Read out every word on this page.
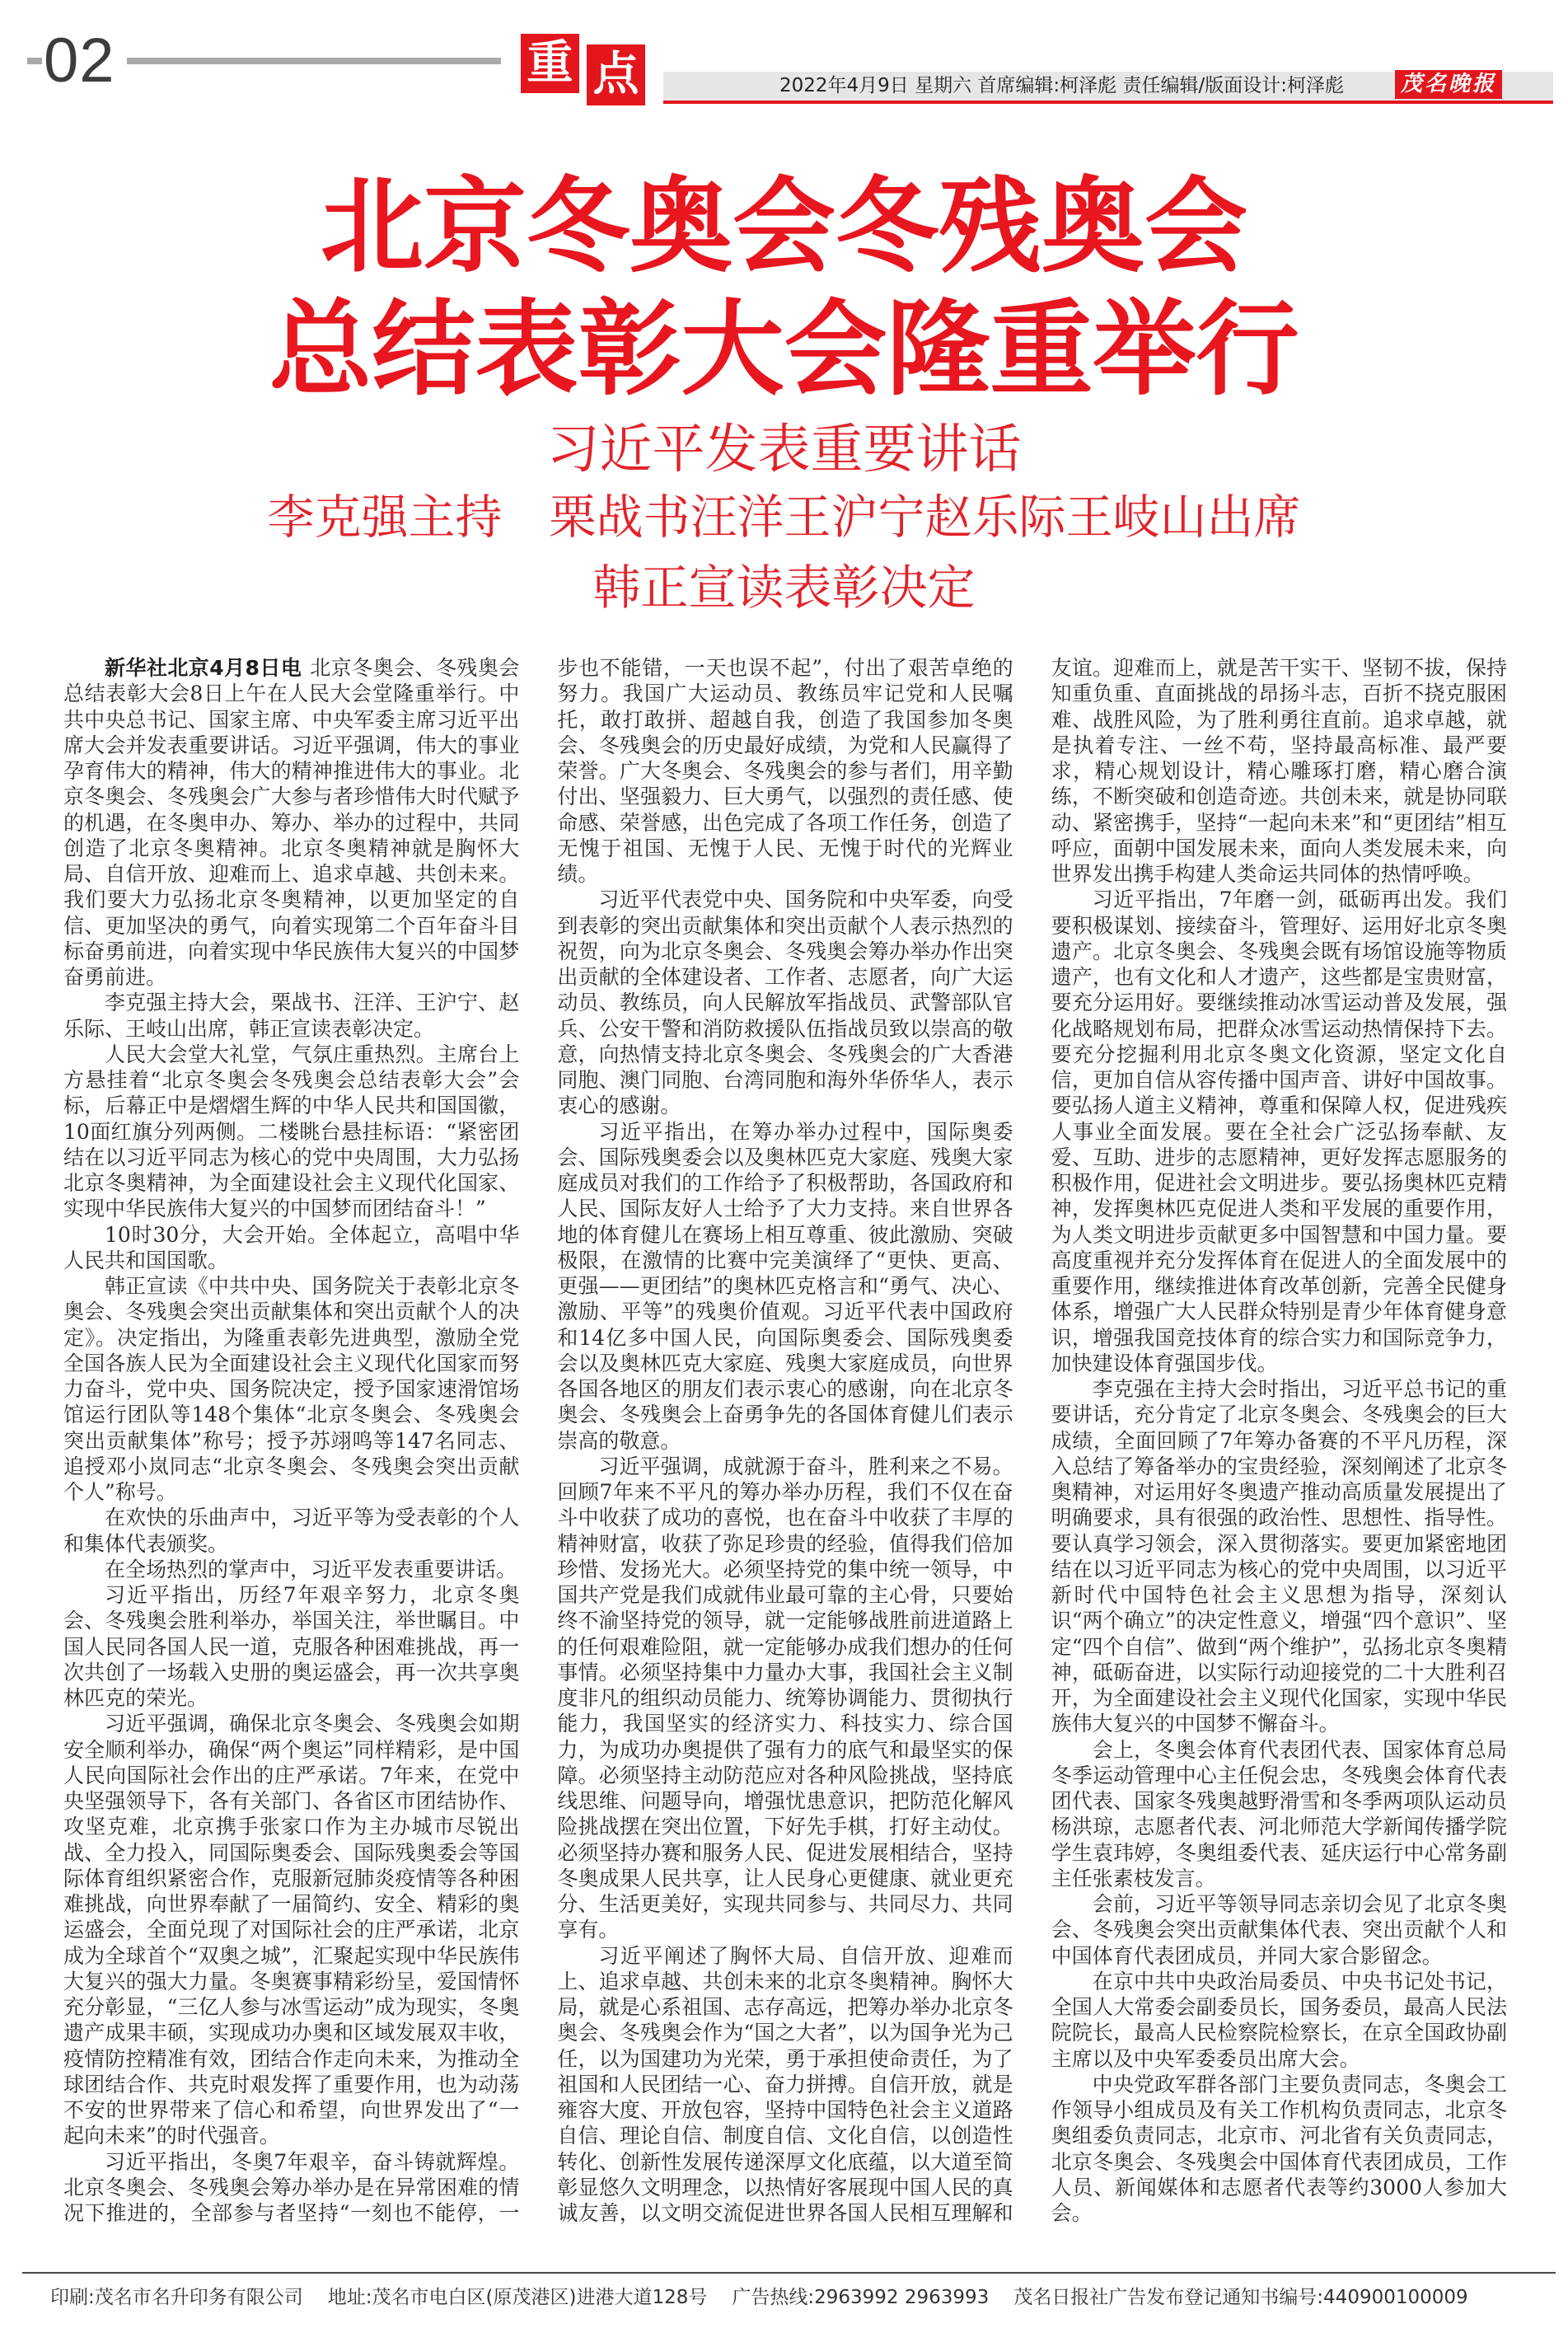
02	重 点	2022年4月9日 星期六 首席编辑:柯泽彪 责任编辑/版面设计:柯泽彪	茂名晚报
北京冬奥会冬残奥会
总结表彰大会隆重举行
习近平发表重要讲话
李克强主持　栗战书汪洋王沪宁赵乐际王岐山出席
韩正宣读表彰决定

新华社北京4月8日电 北京冬奥会、冬残奥会总结表彰大会8日上午在人民大会堂隆重举行。中共中央总书记、国家主席、中央军委主席习近平出席大会并发表重要讲话。习近平强调，伟大的事业孕育伟大的精神，伟大的精神推进伟大的事业。北京冬奥会、冬残奥会广大参与者珍惜伟大时代赋予的机遇，在冬奥申办、筹办、举办的过程中，共同创造了北京冬奥精神。北京冬奥精神就是胸怀大局、自信开放、迎难而上、追求卓越、共创未来。我们要大力弘扬北京冬奥精神，以更加坚定的自信、更加坚决的勇气，向着实现第二个百年奋斗目标奋勇前进，向着实现中华民族伟大复兴的中国梦奋勇前进。

李克强主持大会，栗战书、汪洋、王沪宁、赵乐际、王岐山出席，韩正宣读表彰决定。

人民大会堂大礼堂，气氛庄重热烈。主席台上方悬挂着“北京冬奥会冬残奥会总结表彰大会”会标，后幕正中是熠熠生辉的中华人民共和国国徽，10面红旗分列两侧。二楼眺台悬挂标语：“紧密团结在以习近平同志为核心的党中央周围，大力弘扬北京冬奥精神，为全面建设社会主义现代化国家、实现中华民族伟大复兴的中国梦而团结奋斗！”

10时30分，大会开始。全体起立，高唱中华人民共和国国歌。

韩正宣读《中共中央、国务院关于表彰北京冬奥会、冬残奥会突出贡献集体和突出贡献个人的决定》。决定指出，为隆重表彰先进典型，激励全党全国各族人民为全面建设社会主义现代化国家而努力奋斗，党中央、国务院决定，授予国家速滑馆场馆运行团队等148个集体“北京冬奥会、冬残奥会突出贡献集体”称号；授予苏翊鸣等147名同志、追授邓小岚同志“北京冬奥会、冬残奥会突出贡献个人”称号。

在欢快的乐曲声中，习近平等为受表彰的个人和集体代表颁奖。

在全场热烈的掌声中，习近平发表重要讲话。

习近平指出，历经7年艰辛努力，北京冬奥会、冬残奥会胜利举办，举国关注，举世瞩目。中国人民同各国人民一道，克服各种困难挑战，再一次共创了一场载入史册的奥运盛会，再一次共享奥林匹克的荣光。

习近平强调，确保北京冬奥会、冬残奥会如期安全顺利举办，确保“两个奥运”同样精彩，是中国人民向国际社会作出的庄严承诺。7年来，在党中央坚强领导下，各有关部门、各省区市团结协作、攻坚克难，北京携手张家口作为主办城市尽锐出战、全力投入，同国际奥委会、国际残奥委会等国际体育组织紧密合作，克服新冠肺炎疫情等各种困难挑战，向世界奉献了一届简约、安全、精彩的奥运盛会，全面兑现了对国际社会的庄严承诺，北京成为全球首个“双奥之城”，汇聚起实现中华民族伟大复兴的强大力量。冬奥赛事精彩纷呈，爱国情怀充分彰显，“三亿人参与冰雪运动”成为现实，冬奥遗产成果丰硕，实现成功办奥和区域发展双丰收，疫情防控精准有效，团结合作走向未来，为推动全球团结合作、共克时艰发挥了重要作用，也为动荡不安的世界带来了信心和希望，向世界发出了“一起向未来”的时代强音。

习近平指出，冬奥7年艰辛，奋斗铸就辉煌。北京冬奥会、冬残奥会筹办举办是在异常困难的情况下推进的，全部参与者坚持“一刻也不能停，一步也不能错，一天也误不起”，付出了艰苦卓绝的努力。我国广大运动员、教练员牢记党和人民嘱托，敢打敢拼、超越自我，创造了我国参加冬奥会、冬残奥会的历史最好成绩，为党和人民赢得了荣誉。广大冬奥会、冬残奥会的参与者们，用辛勤付出、坚强毅力、巨大勇气，以强烈的责任感、使命感、荣誉感，出色完成了各项工作任务，创造了无愧于祖国、无愧于人民、无愧于时代的光辉业绩。

习近平代表党中央、国务院和中央军委，向受到表彰的突出贡献集体和突出贡献个人表示热烈的祝贺，向为北京冬奥会、冬残奥会筹办举办作出突出贡献的全体建设者、工作者、志愿者，向广大运动员、教练员，向人民解放军指战员、武警部队官兵、公安干警和消防救援队伍指战员致以崇高的敬意，向热情支持北京冬奥会、冬残奥会的广大香港同胞、澳门同胞、台湾同胞和海外华侨华人，表示衷心的感谢。

习近平指出，在筹办举办过程中，国际奥委会、国际残奥委会以及奥林匹克大家庭、残奥大家庭成员对我们的工作给予了积极帮助，各国政府和人民、国际友好人士给予了大力支持。来自世界各地的体育健儿在赛场上相互尊重、彼此激励、突破极限，在激情的比赛中完美演绎了“更快、更高、更强——更团结”的奥林匹克格言和“勇气、决心、激励、平等”的残奥价值观。习近平代表中国政府和14亿多中国人民，向国际奥委会、国际残奥委会以及奥林匹克大家庭、残奥大家庭成员，向世界各国各地区的朋友们表示衷心的感谢，向在北京冬奥会、冬残奥会上奋勇争先的各国体育健儿们表示崇高的敬意。

习近平强调，成就源于奋斗，胜利来之不易。回顾7年来不平凡的筹办举办历程，我们不仅在奋斗中收获了成功的喜悦，也在奋斗中收获了丰厚的精神财富，收获了弥足珍贵的经验，值得我们倍加珍惜、发扬光大。必须坚持党的集中统一领导，中国共产党是我们成就伟业最可靠的主心骨，只要始终不渝坚持党的领导，就一定能够战胜前进道路上的任何艰难险阻，就一定能够办成我们想办的任何事情。必须坚持集中力量办大事，我国社会主义制度非凡的组织动员能力、统筹协调能力、贯彻执行能力，我国坚实的经济实力、科技实力、综合国力，为成功办奥提供了强有力的底气和最坚实的保障。必须坚持主动防范应对各种风险挑战，坚持底线思维、问题导向，增强忧患意识，把防范化解风险挑战摆在突出位置，下好先手棋，打好主动仗。必须坚持办赛和服务人民、促进发展相结合，坚持冬奥成果人民共享，让人民身心更健康、就业更充分、生活更美好，实现共同参与、共同尽力、共同享有。

习近平阐述了胸怀大局、自信开放、迎难而上、追求卓越、共创未来的北京冬奥精神。胸怀大局，就是心系祖国、志存高远，把筹办举办北京冬奥会、冬残奥会作为“国之大者”，以为国争光为己任，以为国建功为光荣，勇于承担使命责任，为了祖国和人民团结一心、奋力拼搏。自信开放，就是雍容大度、开放包容，坚持中国特色社会主义道路自信、理论自信、制度自信、文化自信，以创造性转化、创新性发展传递深厚文化底蕴，以大道至简彰显悠久文明理念，以热情好客展现中国人民的真诚友善，以文明交流促进世界各国人民相互理解和友谊。迎难而上，就是苦干实干、坚韧不拔，保持知重负重、直面挑战的昂扬斗志，百折不挠克服困难、战胜风险，为了胜利勇往直前。追求卓越，就是执着专注、一丝不苟，坚持最高标准、最严要求，精心规划设计，精心雕琢打磨，精心磨合演练，不断突破和创造奇迹。共创未来，就是协同联动、紧密携手，坚持“一起向未来”和“更团结”相互呼应，面朝中国发展未来，面向人类发展未来，向世界发出携手构建人类命运共同体的热情呼唤。

习近平指出，7年磨一剑，砥砺再出发。我们要积极谋划、接续奋斗，管理好、运用好北京冬奥遗产。北京冬奥会、冬残奥会既有场馆设施等物质遗产，也有文化和人才遗产，这些都是宝贵财富，要充分运用好。要继续推动冰雪运动普及发展，强化战略规划布局，把群众冰雪运动热情保持下去。要充分挖掘利用北京冬奥文化资源，坚定文化自信，更加自信从容传播中国声音、讲好中国故事。要弘扬人道主义精神，尊重和保障人权，促进残疾人事业全面发展。要在全社会广泛弘扬奉献、友爱、互助、进步的志愿精神，更好发挥志愿服务的积极作用，促进社会文明进步。要弘扬奥林匹克精神，发挥奥林匹克促进人类和平发展的重要作用，为人类文明进步贡献更多中国智慧和中国力量。要高度重视并充分发挥体育在促进人的全面发展中的重要作用，继续推进体育改革创新，完善全民健身体系，增强广大人民群众特别是青少年体育健身意识，增强我国竞技体育的综合实力和国际竞争力，加快建设体育强国步伐。

李克强在主持大会时指出，习近平总书记的重要讲话，充分肯定了北京冬奥会、冬残奥会的巨大成绩，全面回顾了7年筹办备赛的不平凡历程，深入总结了筹备举办的宝贵经验，深刻阐述了北京冬奥精神，对运用好冬奥遗产推动高质量发展提出了明确要求，具有很强的政治性、思想性、指导性。要认真学习领会，深入贯彻落实。要更加紧密地团结在以习近平同志为核心的党中央周围，以习近平新时代中国特色社会主义思想为指导，深刻认识“两个确立”的决定性意义，增强“四个意识”、坚定“四个自信”、做到“两个维护”，弘扬北京冬奥精神，砥砺奋进，以实际行动迎接党的二十大胜利召开，为全面建设社会主义现代化国家，实现中华民族伟大复兴的中国梦不懈奋斗。

会上，冬奥会体育代表团代表、国家体育总局冬季运动管理中心主任倪会忠，冬残奥会体育代表团代表、国家冬残奥越野滑雪和冬季两项队运动员杨洪琼，志愿者代表、河北师范大学新闻传播学院学生袁玮婷，冬奥组委代表、延庆运行中心常务副主任张素枝发言。

会前，习近平等领导同志亲切会见了北京冬奥会、冬残奥会突出贡献集体代表、突出贡献个人和中国体育代表团成员，并同大家合影留念。

在京中共中央政治局委员、中央书记处书记，全国人大常委会副委员长，国务委员，最高人民法院院长，最高人民检察院检察长，在京全国政协副主席以及中央军委委员出席大会。

中央党政军群各部门主要负责同志，冬奥会工作领导小组成员及有关工作机构负责同志，北京冬奥组委负责同志，北京市、河北省有关负责同志，北京冬奥会、冬残奥会中国体育代表团成员，工作人员、新闻媒体和志愿者代表等约3000人参加大会。

印刷:茂名市名升印务有限公司 地址:茂名市电白区(原茂港区)进港大道128号 广告热线:2963992 2963993 茂名日报社广告发布登记通知书编号:440900100009
